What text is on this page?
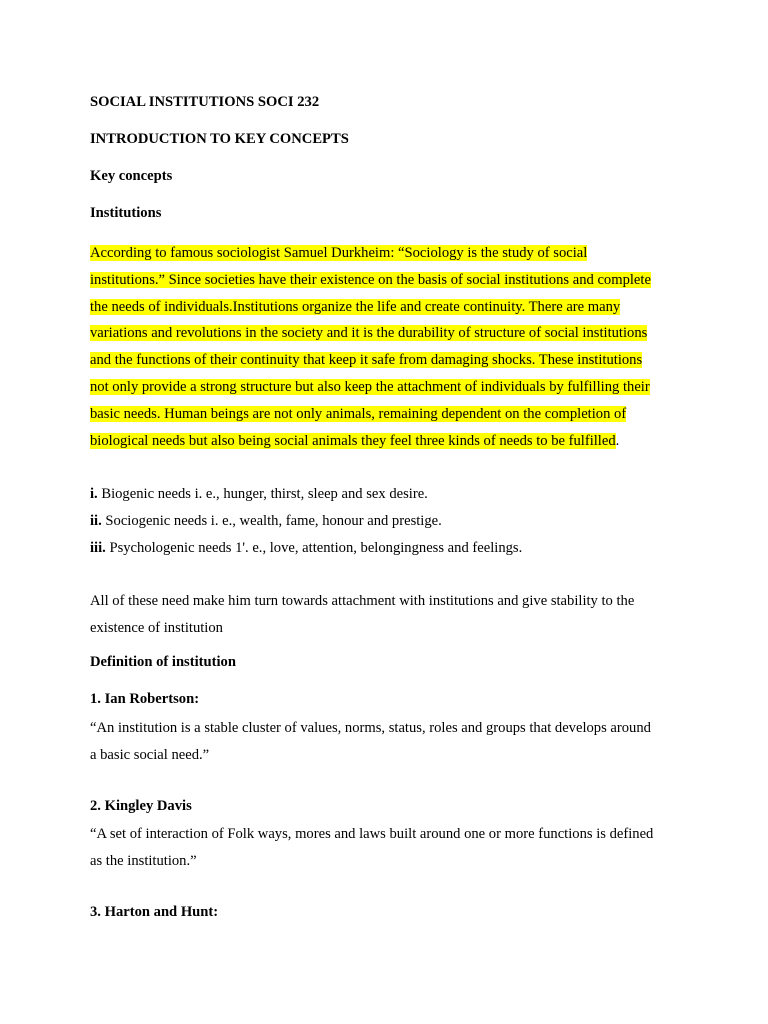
SOCIAL INSTITUTIONS SOCI 232

INTRODUCTION TO KEY CONCEPTS

Key concepts

Institutions

According to famous sociologist Samuel Durkheim: “Sociology is the study of social
institutions.” Since societies have their existence on the basis of social institutions and complete
the needs of individuals.Institutions organize the life and create continuity. There are many
variations and revolutions in the society and it is the durability of structure of social institutions
and the functions of their continuity that keep it safe from damaging shocks. These institutions
not only provide a strong structure but also keep the attachment of individuals by fulfilling their
basic needs. Human beings are not only animals, remaining dependent on the completion of
biological needs but also being social animals they feel three kinds of needs to be fulfilled.

i. Biogenic needs i. e., hunger, thirst, sleep and sex desire.
ii. Sociogenic needs i. e., wealth, fame, honour and prestige.
iii. Psychologenic needs 1'. e., love, attention, belongingness and feelings.

All of these need make him turn towards attachment with institutions and give stability to the
existence of institution

Definition of institution

1. Ian Robertson:

“An institution is a stable cluster of values, norms, status, roles and groups that develops around
a basic social need.”

2. Kingley Davis

“A set of interaction of Folk ways, mores and laws built around one or more functions is defined
as the institution.”

3. Harton and Hunt:
